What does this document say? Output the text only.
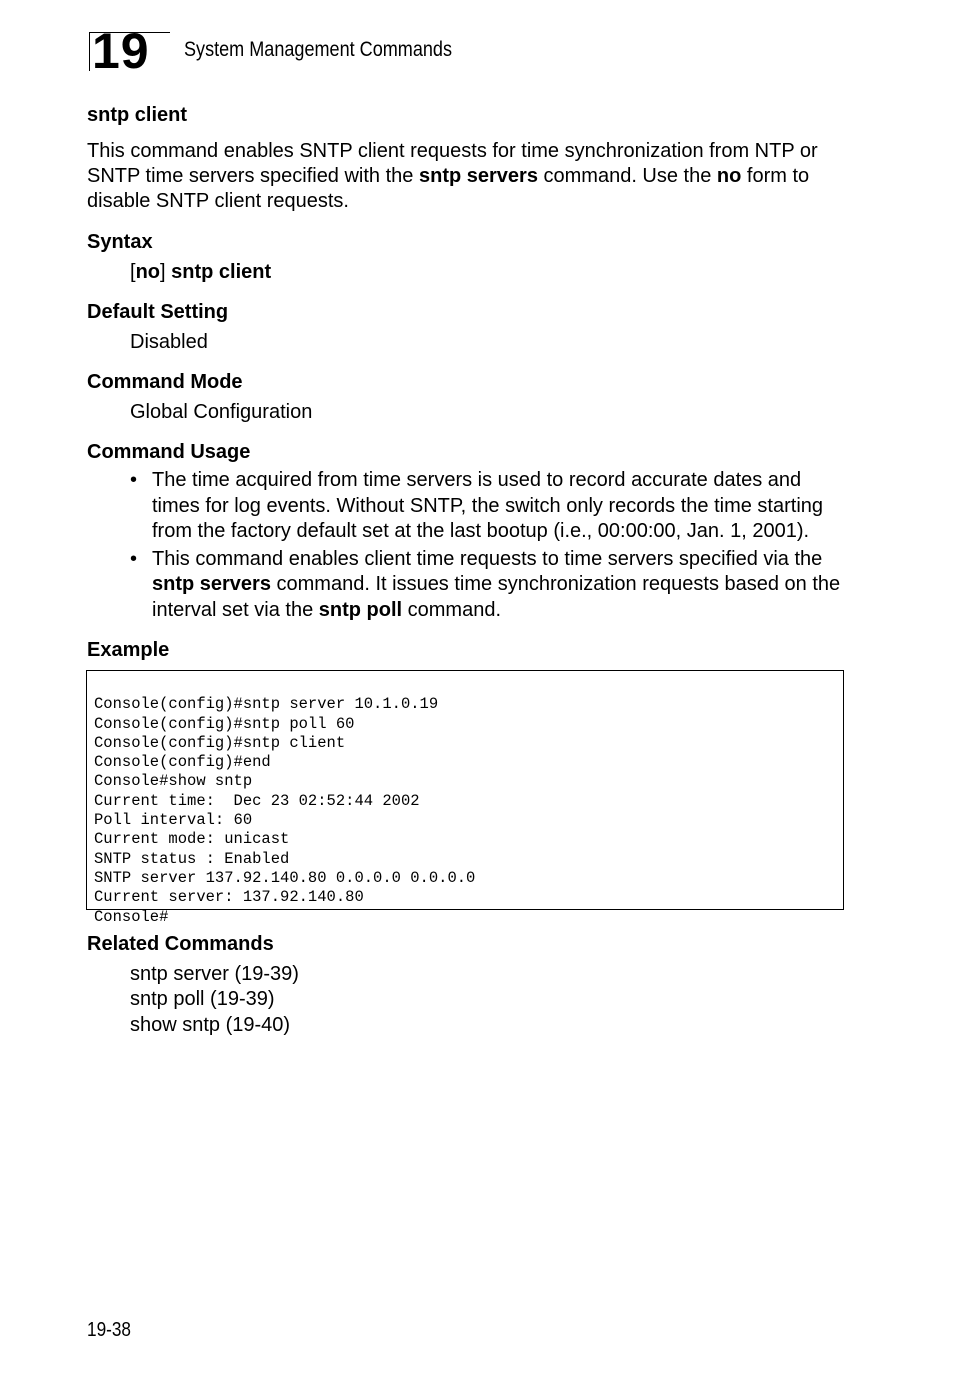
19 System Management Commands
sntp client

This command enables SNTP client requests for time synchronization from NTP or SNTP time servers specified with the sntp servers command. Use the no form to disable SNTP client requests.

Syntax
[no] sntp client
Default Setting
Disabled
Command Mode
Global Configuration
Command Usage
• The time acquired from time servers is used to record accurate dates and times for log events. Without SNTP, the switch only records the time starting from the factory default set at the last bootup (i.e., 00:00:00, Jan. 1, 2001).
• This command enables client time requests to time servers specified via the sntp servers command. It issues time synchronization requests based on the interval set via the sntp poll command.
Example

Console(config)#sntp server 10.1.0.19
Console(config)#sntp poll 60
Console(config)#sntp client
Console(config)#end
Console#show sntp
Current time:  Dec 23 02:52:44 2002
Poll interval: 60
Current mode: unicast
SNTP status : Enabled
SNTP server 137.92.140.80 0.0.0.0 0.0.0.0
Current server: 137.92.140.80
Console#

Related Commands
sntp server (19-39)
sntp poll (19-39)
show sntp (19-40)
19-38
